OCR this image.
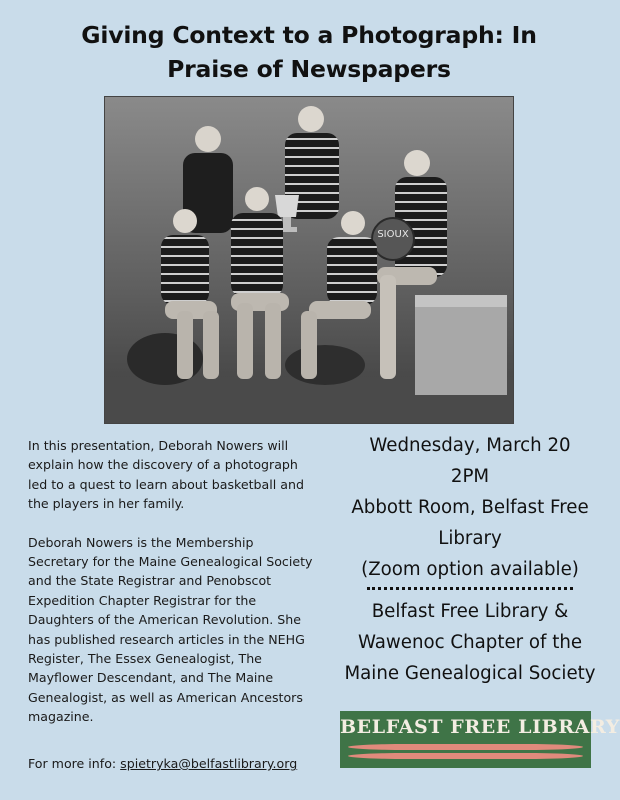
Giving Context to a Photograph: In
Praise of Newspapers
SIOUX

In this presentation, Deborah Nowers will explain how the discovery of a photograph led to a quest to learn about basketball and the players in her family.

Deborah Nowers is the Membership Secretary for the Maine Genealogical Society and the State Registrar and Penobscot Expedition Chapter Registrar for the Daughters of the American Revolution. She has published research articles in the NEHG Register, The Essex Genealogist, The Mayflower Descendant, and The Maine Genealogist, as well as American Ancestors magazine.

For more info: spietryka@belfastlibrary.org
Wednesday, March 20
2PM
Abbott Room, Belfast Free
Library
(Zoom option available)
Belfast Free Library &
Wawenoc Chapter of the
Maine Genealogical Society
BELFAST FREE LIBRARY
